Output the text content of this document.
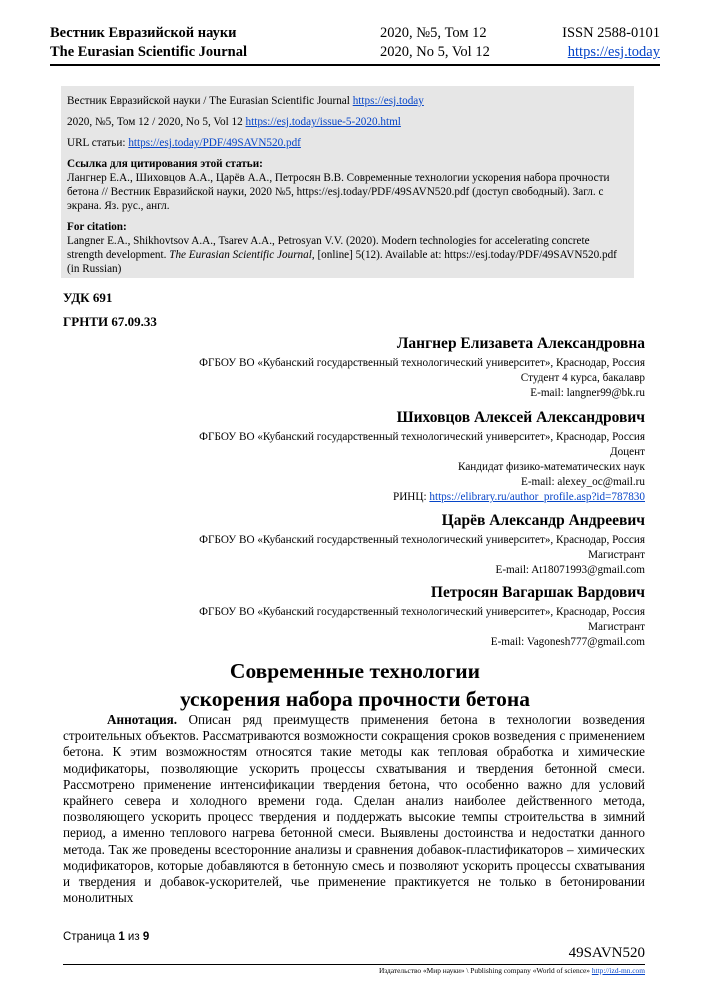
Вестник Евразийской науки	2020, №5, Том 12	ISSN 2588-0101
The Eurasian Scientific Journal	2020, No 5, Vol 12	https://esj.today

Вестник Евразийской науки / The Eurasian Scientific Journal https://esj.today

2020, №5, Том 12 / 2020, No 5, Vol 12 https://esj.today/issue-5-2020.html

URL статьи: https://esj.today/PDF/49SAVN520.pdf

Ссылка для цитирования этой статьи:

Лангнер Е.А., Шиховцов А.А., Царёв А.А., Петросян В.В. Современные технологии ускорения набора прочности бетона // Вестник Евразийской науки, 2020 №5, https://esj.today/PDF/49SAVN520.pdf (доступ свободный). Загл. с экрана. Яз. рус., англ.

For citation:

Langner E.A., Shikhovtsov A.A., Tsarev A.A., Petrosyan V.V. (2020). Modern technologies for accelerating concrete strength development. The Eurasian Scientific Journal, [online] 5(12). Available at: https://esj.today/PDF/49SAVN520.pdf (in Russian)

УДК 691
ГРНТИ 67.09.33
Лангнер Елизавета Александровна
ФГБОУ ВО «Кубанский государственный технологический университет», Краснодар, Россия
Студент 4 курса, бакалавр
E-mail: langner99@bk.ru
Шиховцов Алексей Александрович
ФГБОУ ВО «Кубанский государственный технологический университет», Краснодар, Россия
Доцент
Кандидат физико-математических наук
E-mail: alexey_oc@mail.ru
РИНЦ: https://elibrary.ru/author_profile.asp?id=787830
Царёв Александр Андреевич
ФГБОУ ВО «Кубанский государственный технологический университет», Краснодар, Россия
Магистрант
E-mail: At18071993@gmail.com
Петросян Вагаршак Вардович
ФГБОУ ВО «Кубанский государственный технологический университет», Краснодар, Россия
Магистрант
E-mail: Vagonesh777@gmail.com
Современные технологии
ускорения набора прочности бетона

Аннотация. Описан ряд преимуществ применения бетона в технологии возведения строительных объектов. Рассматриваются возможности сокращения сроков возведения с применением бетона. К этим возможностям относятся такие методы как тепловая обработка и химические модификаторы, позволяющие ускорить процессы схватывания и твердения бетонной смеси. Рассмотрено применение интенсификации твердения бетона, что особенно важно для условий крайнего севера и холодного времени года. Сделан анализ наиболее действенного метода, позволяющего ускорить процесс твердения и поддержать высокие темпы строительства в зимний период, а именно теплового нагрева бетонной смеси. Выявлены достоинства и недостатки данного метода. Так же проведены всесторонние анализы и сравнения добавок-пластификаторов – химических модификаторов, которые добавляются в бетонную смесь и позволяют ускорить процессы схватывания и твердения и добавок-ускорителей, чье применение практикуется не только в бетонировании монолитных

Страница 1 из 9
49SAVN520
Издательство «Мир науки» \ Publishing company «World of science» http://izd-mn.com
